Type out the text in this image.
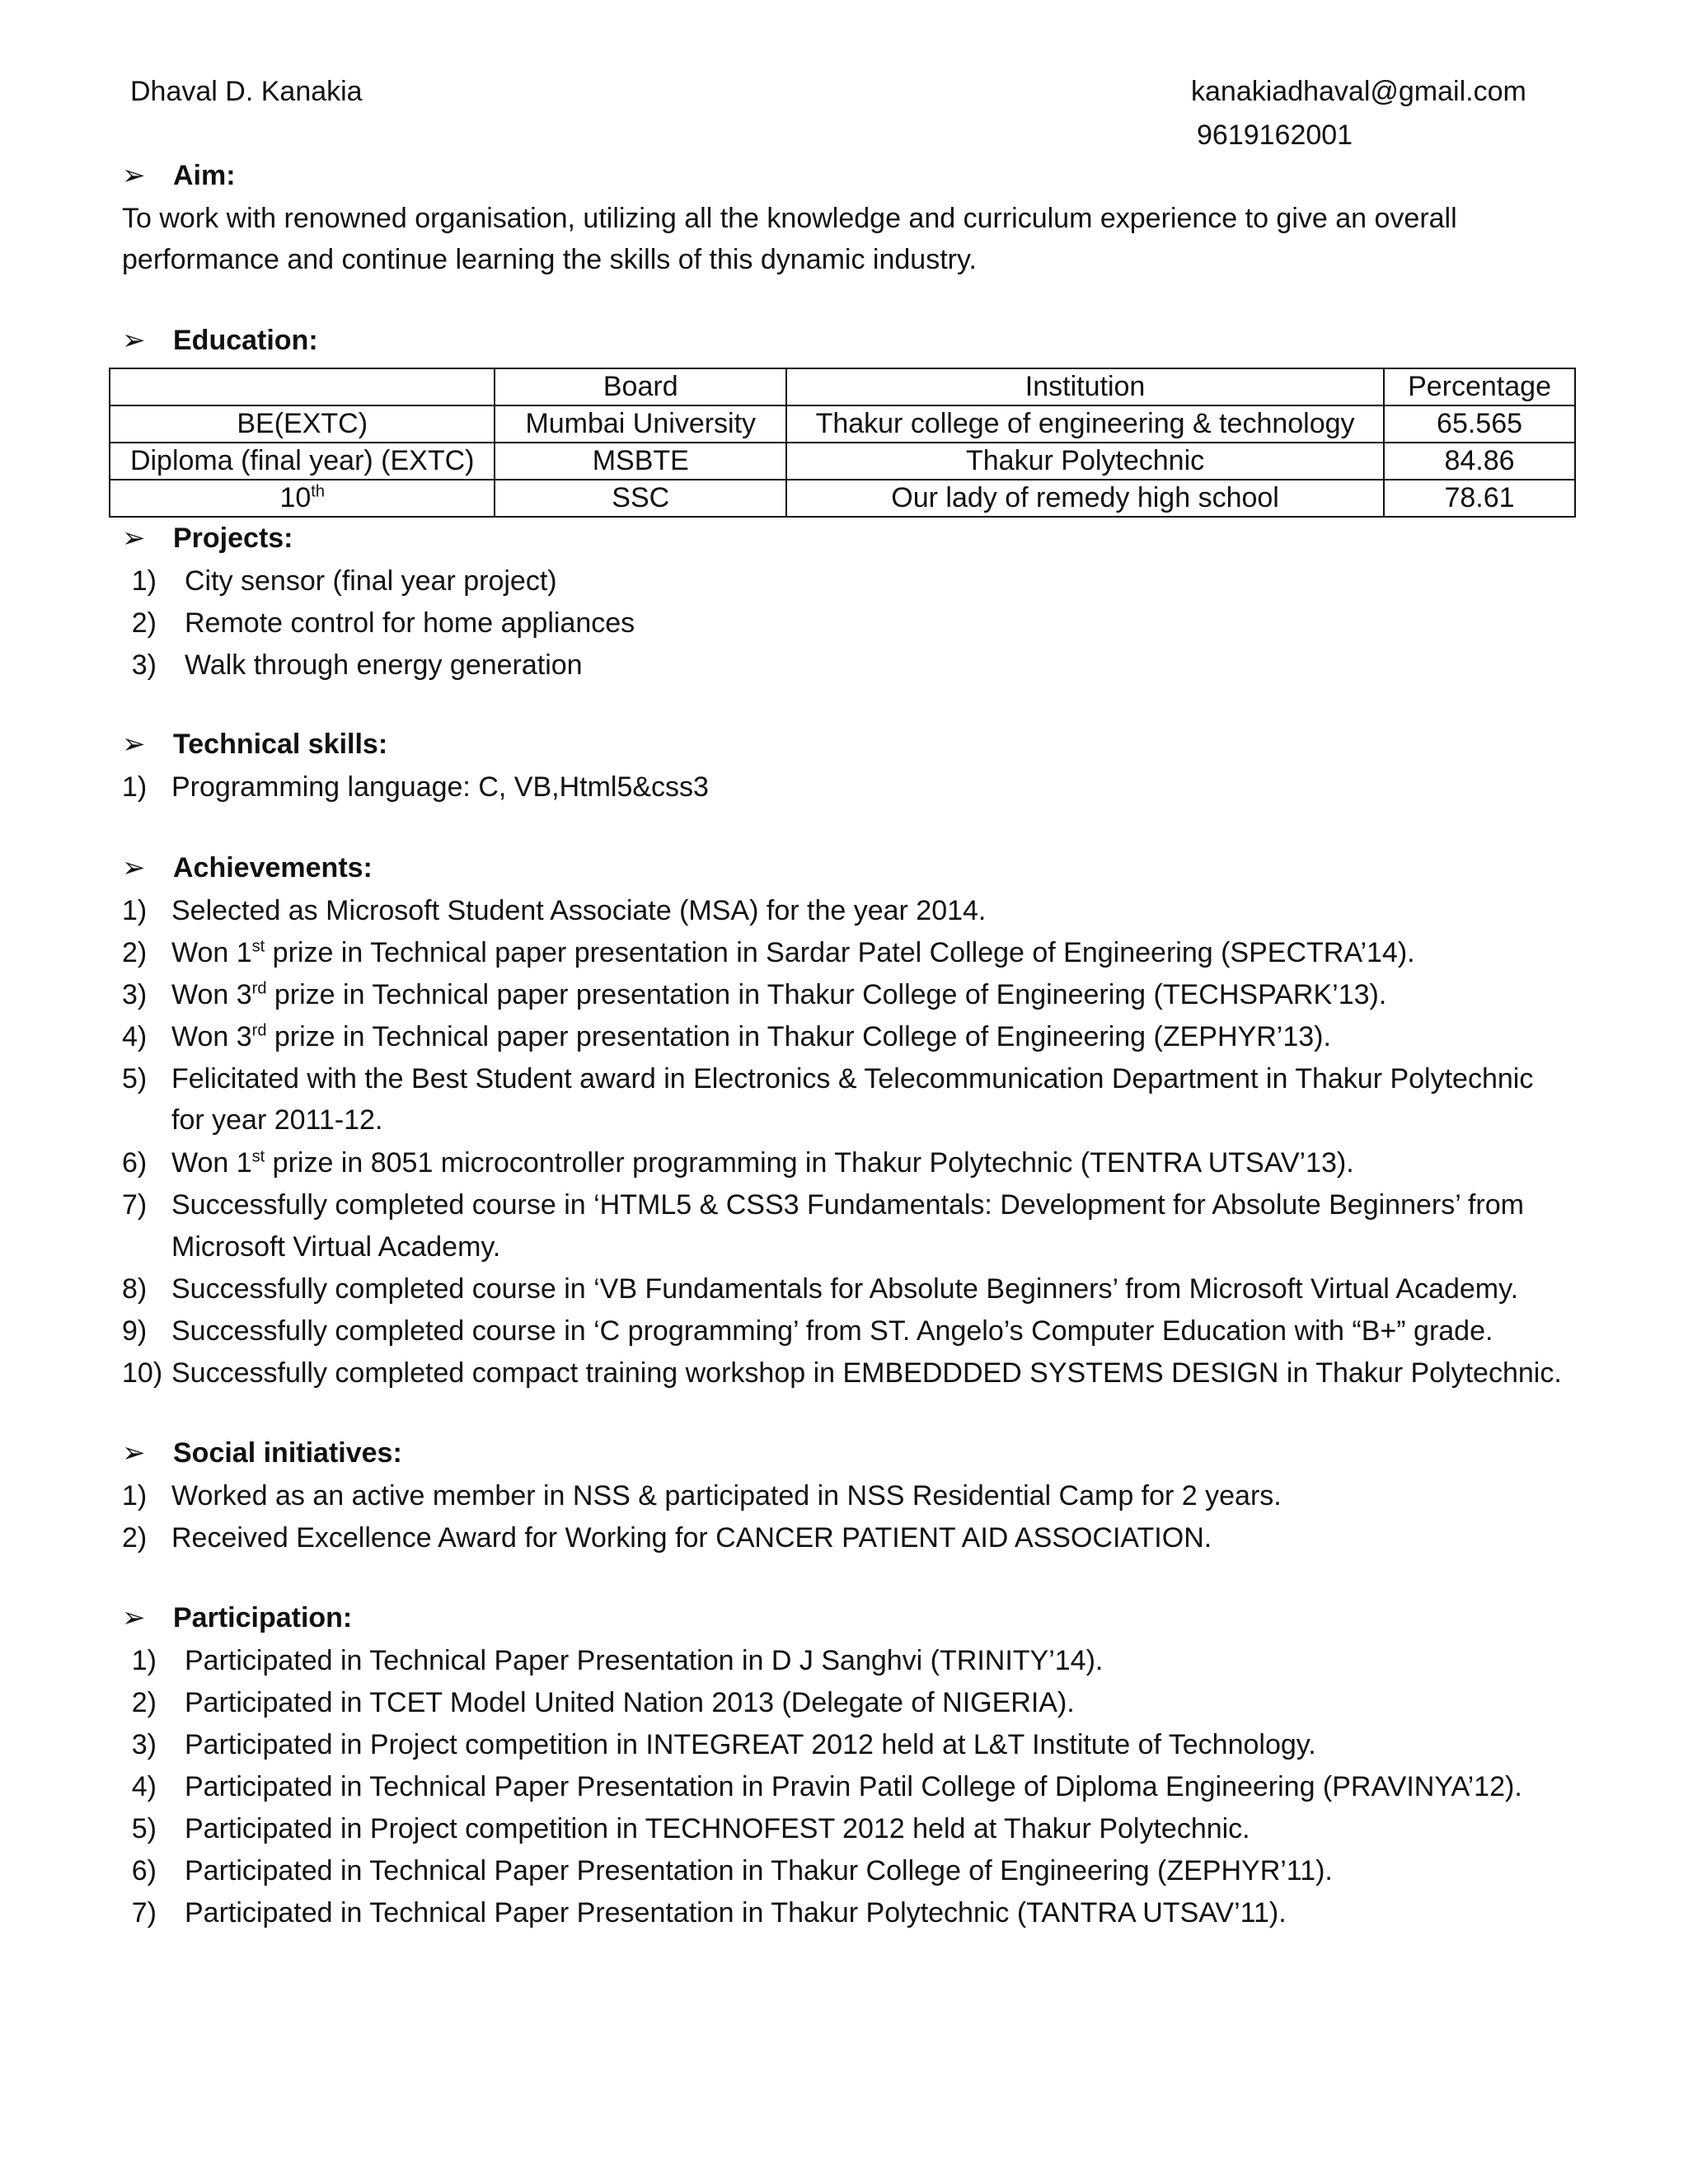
Dhaval D. Kanakia	kanakiadhaval@gmail.com
9619162001
➢ Aim:
To work with renowned organisation, utilizing all the knowledge and curriculum experience to give an overall performance and continue learning the skills of this dynamic industry.
➢ Education:
	Board	Institution	Percentage
BE(EXTC)	Mumbai University	Thakur college of engineering & technology	65.565
Diploma (final year) (EXTC)	MSBTE	Thakur Polytechnic	84.86
10th	SSC	Our lady of remedy high school	78.61
➢ Projects:
1) City sensor (final year project)
2) Remote control for home appliances
3) Walk through energy generation
➢ Technical skills:
1) Programming language: C, VB,Html5&css3
➢ Achievements:
1) Selected as Microsoft Student Associate (MSA) for the year 2014.
2) Won 1st prize in Technical paper presentation in Sardar Patel College of Engineering (SPECTRA’14).
3) Won 3rd prize in Technical paper presentation in Thakur College of Engineering (TECHSPARK’13).
4) Won 3rd prize in Technical paper presentation in Thakur College of Engineering (ZEPHYR’13).
5) Felicitated with the Best Student award in Electronics & Telecommunication Department in Thakur Polytechnic
for year 2011-12.
6) Won 1st prize in 8051 microcontroller programming in Thakur Polytechnic (TENTRA UTSAV’13).
7) Successfully completed course in ‘HTML5 & CSS3 Fundamentals: Development for Absolute Beginners’ from
Microsoft Virtual Academy.
8) Successfully completed course in ‘VB Fundamentals for Absolute Beginners’ from Microsoft Virtual Academy.
9) Successfully completed course in ‘C programming’ from ST. Angelo’s Computer Education with “B+” grade.
10) Successfully completed compact training workshop in EMBEDDDED SYSTEMS DESIGN in Thakur Polytechnic.
➢ Social initiatives:
1) Worked as an active member in NSS & participated in NSS Residential Camp for 2 years.
2) Received Excellence Award for Working for CANCER PATIENT AID ASSOCIATION.
➢ Participation:
1) Participated in Technical Paper Presentation in D J Sanghvi (TRINITY’14).
2) Participated in TCET Model United Nation 2013 (Delegate of NIGERIA).
3) Participated in Project competition in INTEGREAT 2012 held at L&T Institute of Technology.
4) Participated in Technical Paper Presentation in Pravin Patil College of Diploma Engineering (PRAVINYA’12).
5) Participated in Project competition in TECHNOFEST 2012 held at Thakur Polytechnic.
6) Participated in Technical Paper Presentation in Thakur College of Engineering (ZEPHYR’11).
7) Participated in Technical Paper Presentation in Thakur Polytechnic (TANTRA UTSAV’11).
